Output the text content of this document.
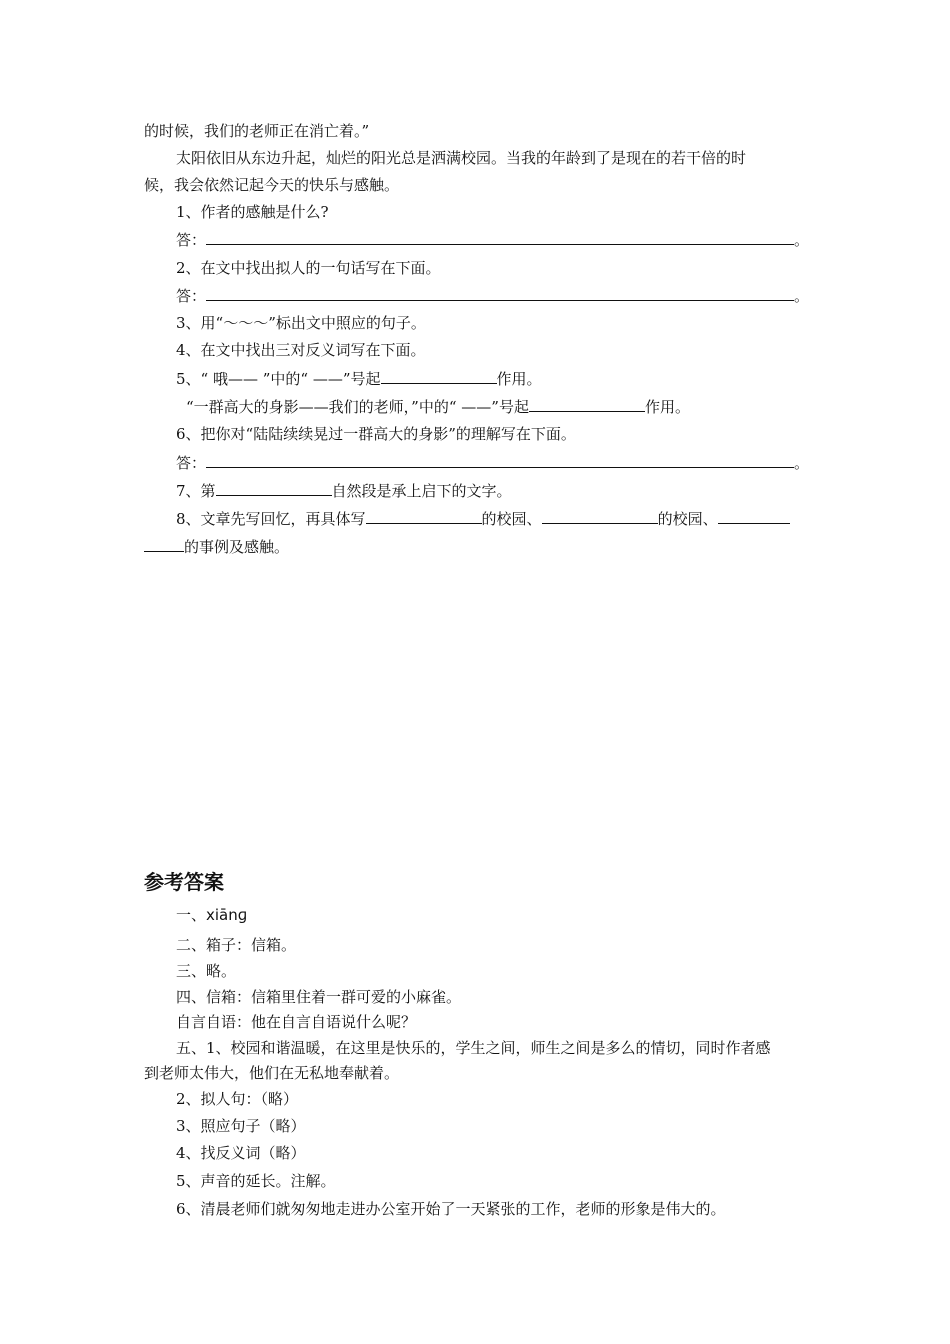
的时候，我们的老师正在消亡着。”
太阳依旧从东边升起，灿烂的阳光总是洒满校园。当我的年龄到了是现在的若干倍的时
候，我会依然记起今天的快乐与感触。
1、作者的感触是什么?
答：	。
2、在文中找出拟人的一句话写在下面。
答：	。
3、用“～～～”标出文中照应的句子。
4、在文中找出三对反义词写在下面。
5、“ 哦—— ”中的“ ——”号起	作用。
“一群高大的身影——我们的老师，”中的“ ——”号起	作用。
6、把你对“陆陆续续晃过一群高大的身影”的理解写在下面。
答：	。
7、第	自然段是承上启下的文字。
8、文章先写回忆，再具体写	的校园、	的校园、
的事例及感触。
参考答案
一、xiānɡ
二、箱子：信箱。
三、略。
四、信箱：信箱里住着一群可爱的小麻雀。
自言自语：他在自言自语说什么呢？
五、1、校园和谐温暖，在这里是快乐的，学生之间，师生之间是多么的情切，同时作者感
到老师太伟大，他们在无私地奉献着。
2、拟人句：（略）
3、照应句子（略）
4、找反义词（略）
5、声音的延长。注解。
6、清晨老师们就匆匆地走进办公室开始了一天紧张的工作，老师的形象是伟大的。
